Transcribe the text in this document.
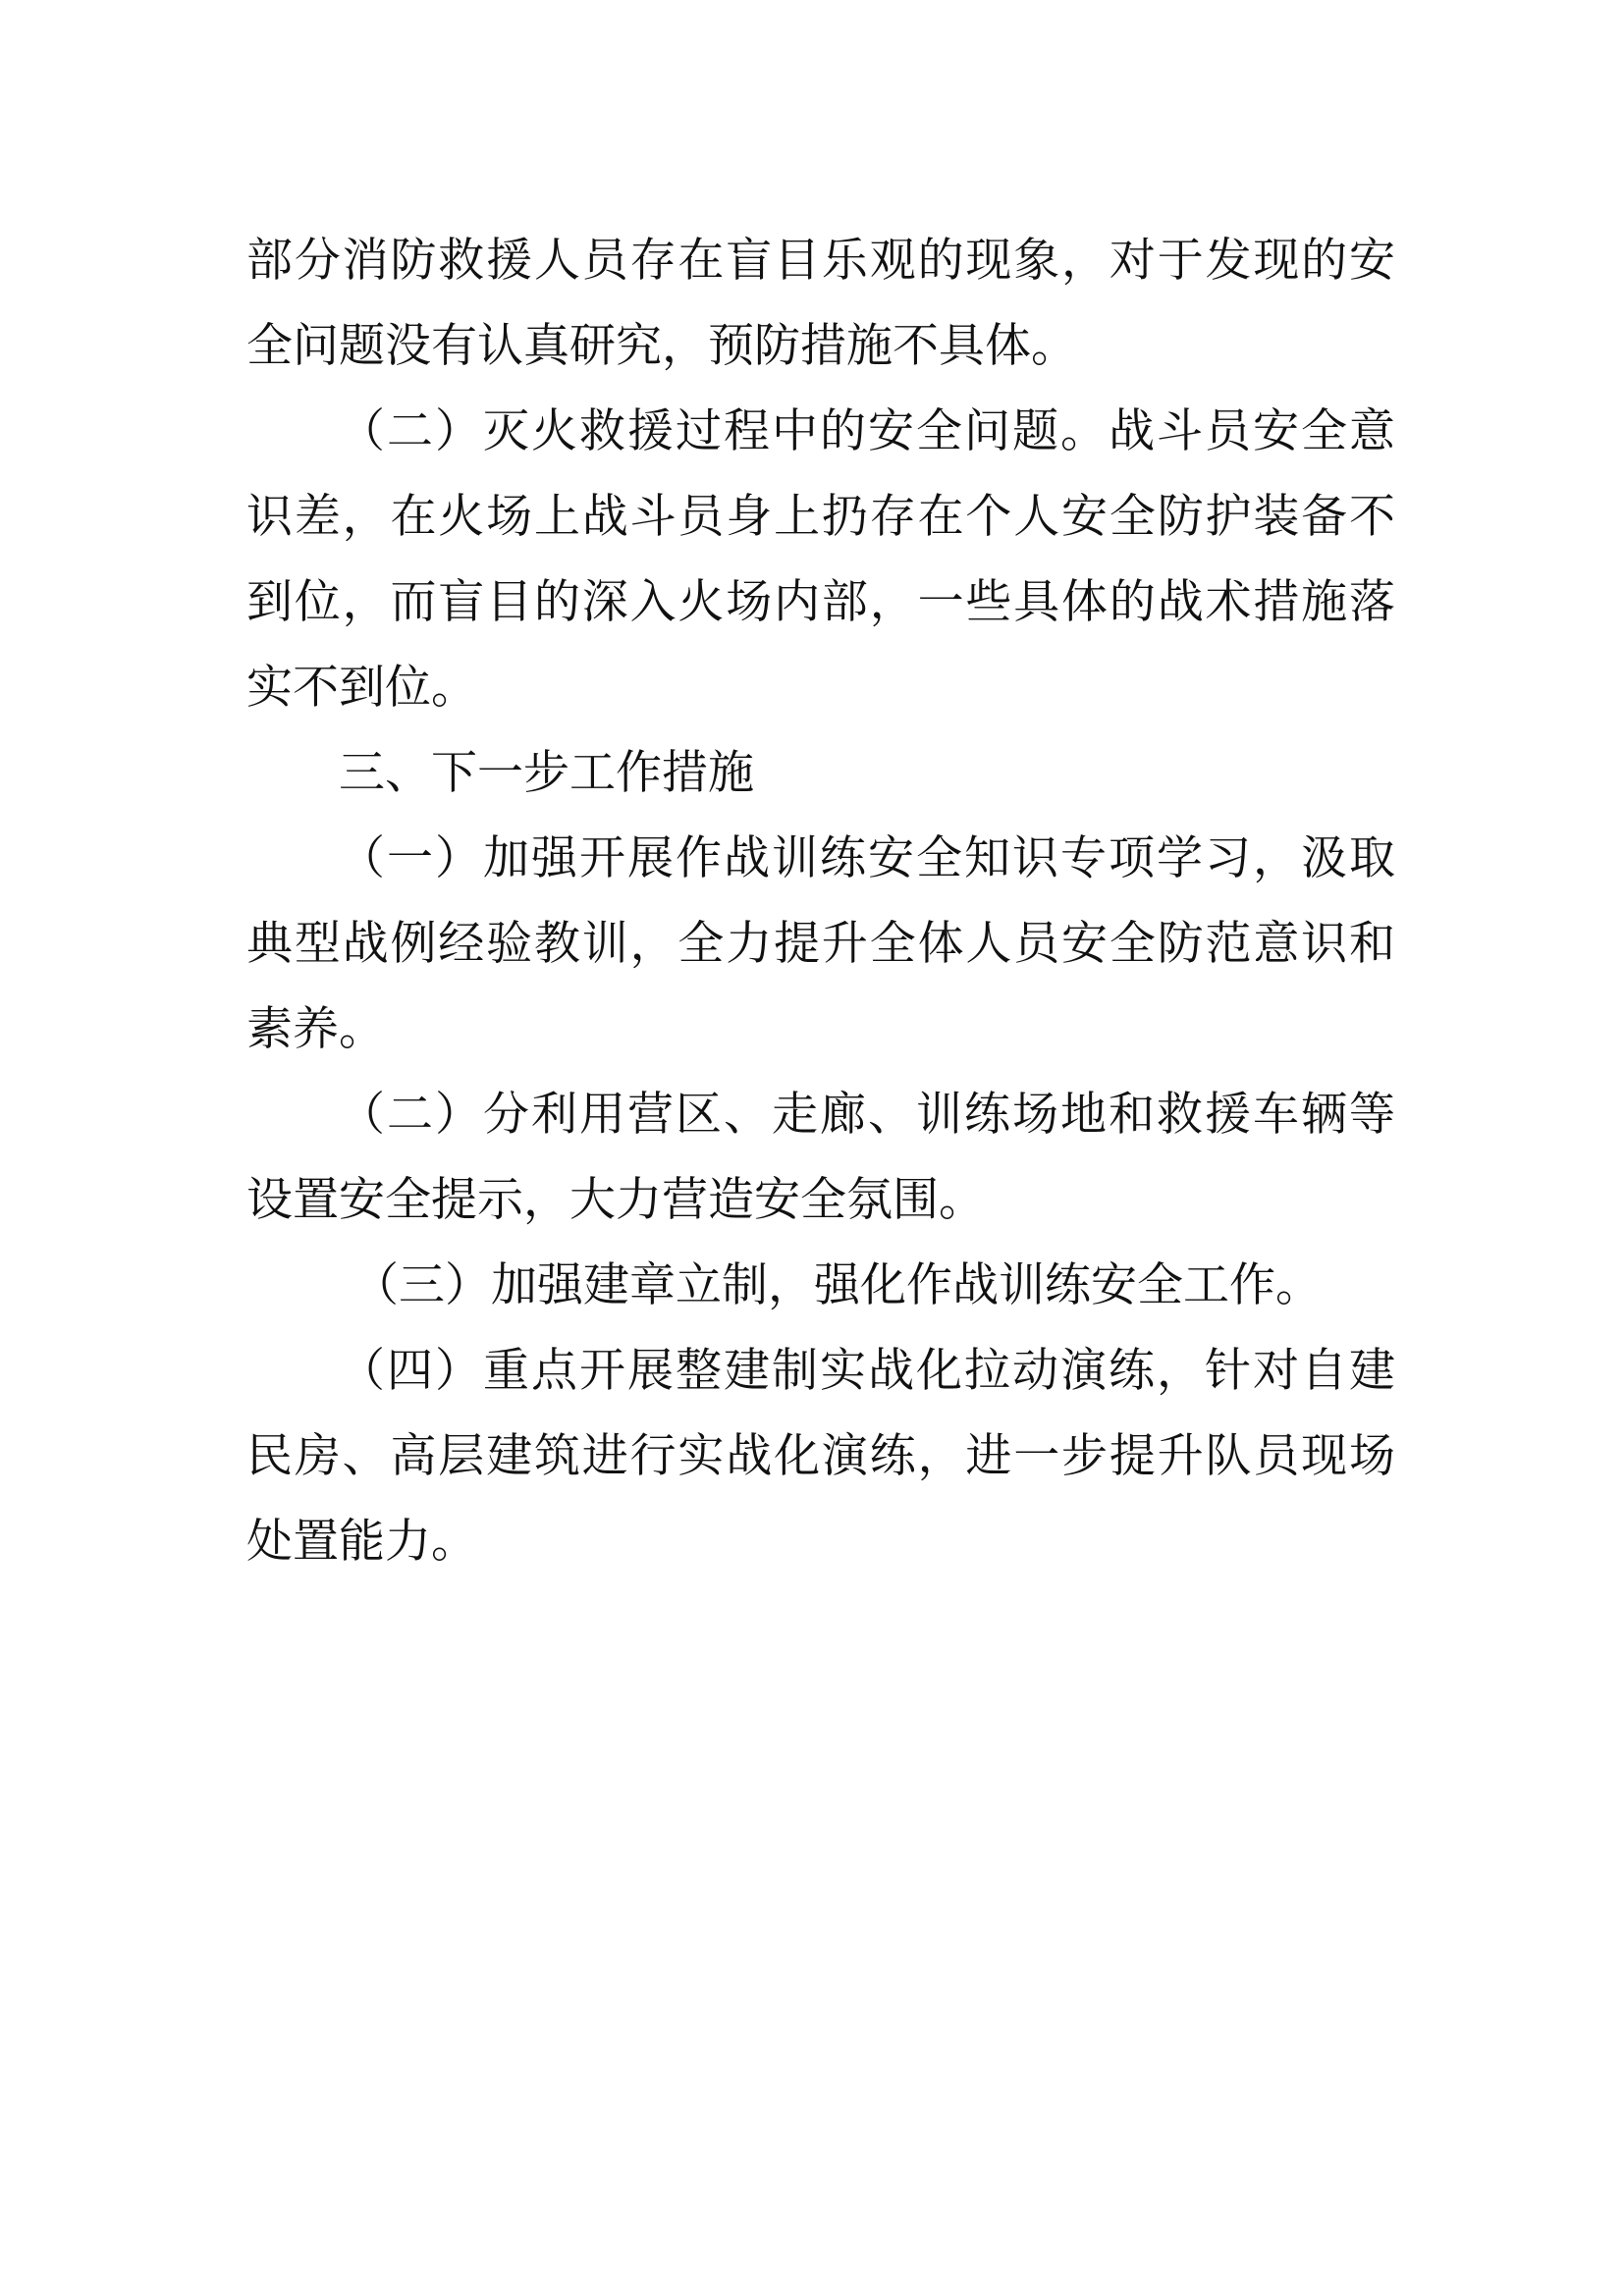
部分消防救援人员存在盲目乐观的现象，对于发现的安全问题没有认真研究，预防措施不具体。

（二）灭火救援过程中的安全问题。战斗员安全意识差，在火场上战斗员身上扔存在个人安全防护装备不到位，而盲目的深入火场内部，一些具体的战术措施落实不到位。

三、下一步工作措施

（一）加强开展作战训练安全知识专项学习，汲取典型战例经验教训，全力提升全体人员安全防范意识和素养。

（二）分利用营区、走廊、训练场地和救援车辆等设置安全提示，大力营造安全氛围。

（三）加强建章立制，强化作战训练安全工作。

（四）重点开展整建制实战化拉动演练，针对自建民房、高层建筑进行实战化演练，进一步提升队员现场处置能力。
